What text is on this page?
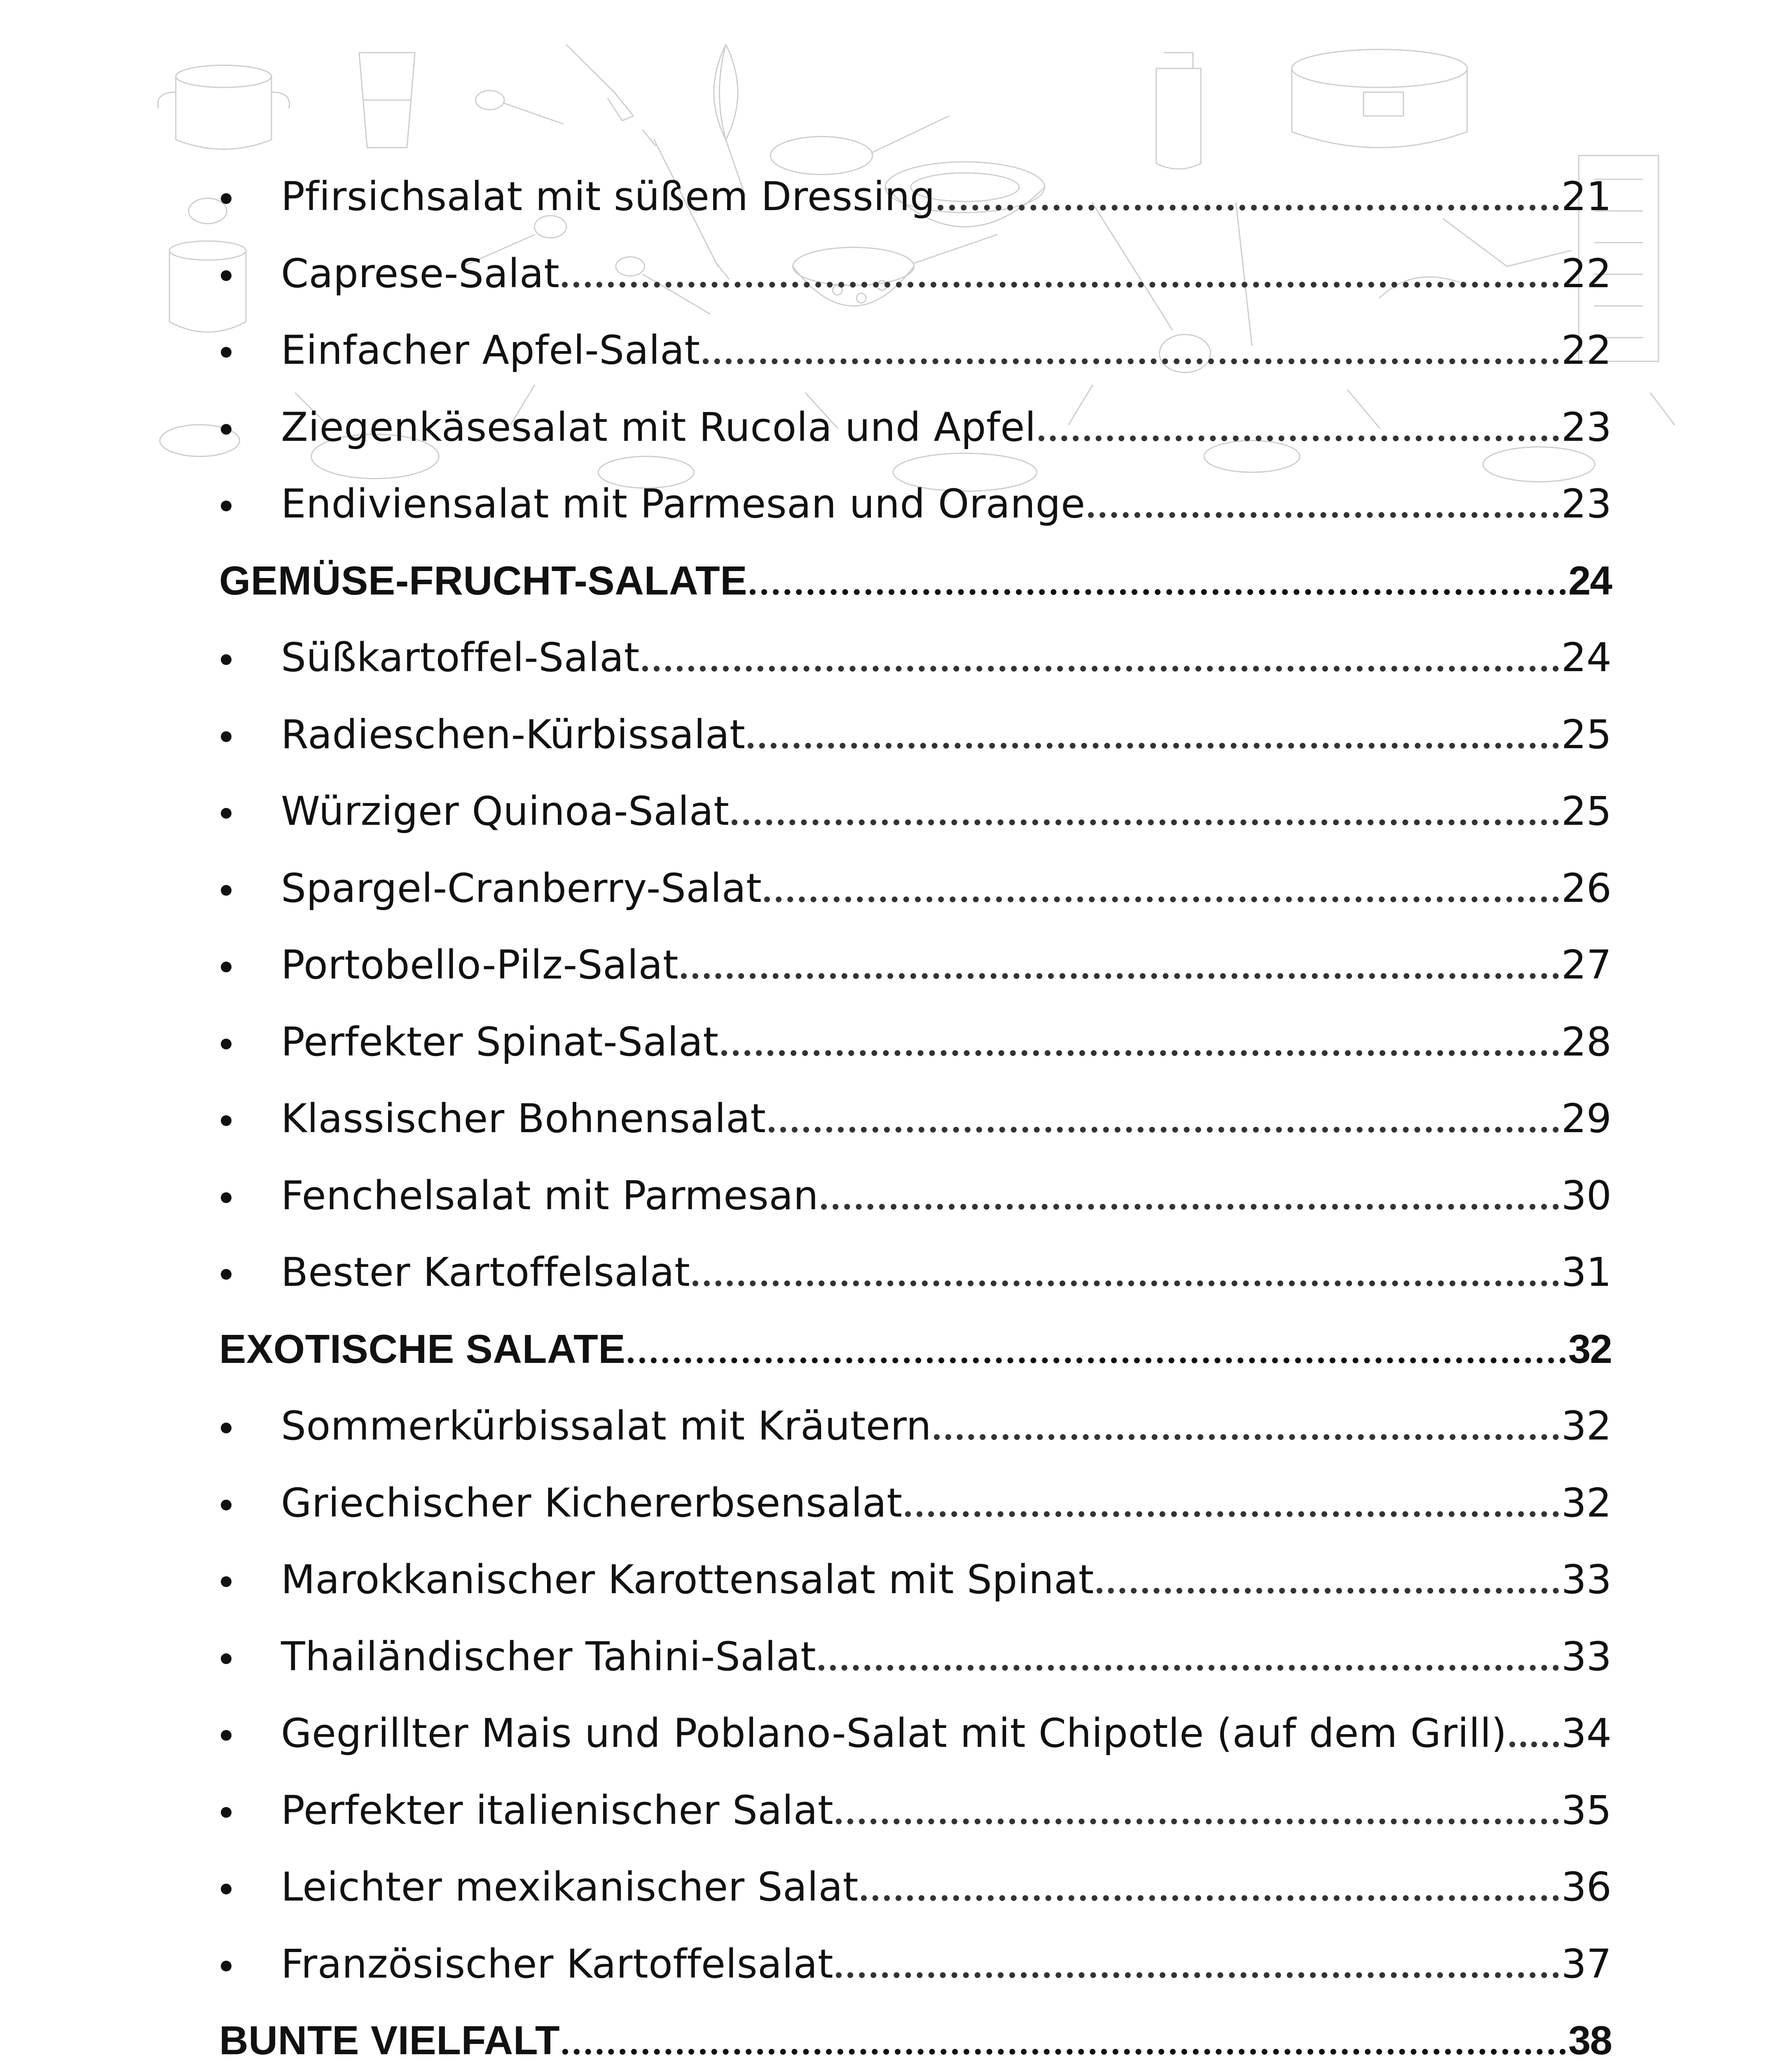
Pfirsichsalat mit süßem Dressing	21
Caprese-Salat	22
Einfacher Apfel-Salat	22
Ziegenkäsesalat mit Rucola und Apfel	23
Endiviensalat mit Parmesan und Orange	23
GEMÜSE-FRUCHT-SALATE	24
Süßkartoffel-Salat	24
Radieschen-Kürbissalat	25
Würziger Quinoa-Salat	25
Spargel-Cranberry-Salat	26
Portobello-Pilz-Salat	27
Perfekter Spinat-Salat	28
Klassischer Bohnensalat	29
Fenchelsalat mit Parmesan	30
Bester Kartoffelsalat	31
EXOTISCHE SALATE	32
Sommerkürbissalat mit Kräutern	32
Griechischer Kichererbsensalat	32
Marokkanischer Karottensalat mit Spinat	33
Thailändischer Tahini-Salat	33
Gegrillter Mais und Poblano-Salat mit Chipotle (auf dem Grill) 34
Perfekter italienischer Salat	35
Leichter mexikanischer Salat	36
Französischer Kartoffelsalat	37
BUNTE VIELFALT	38
